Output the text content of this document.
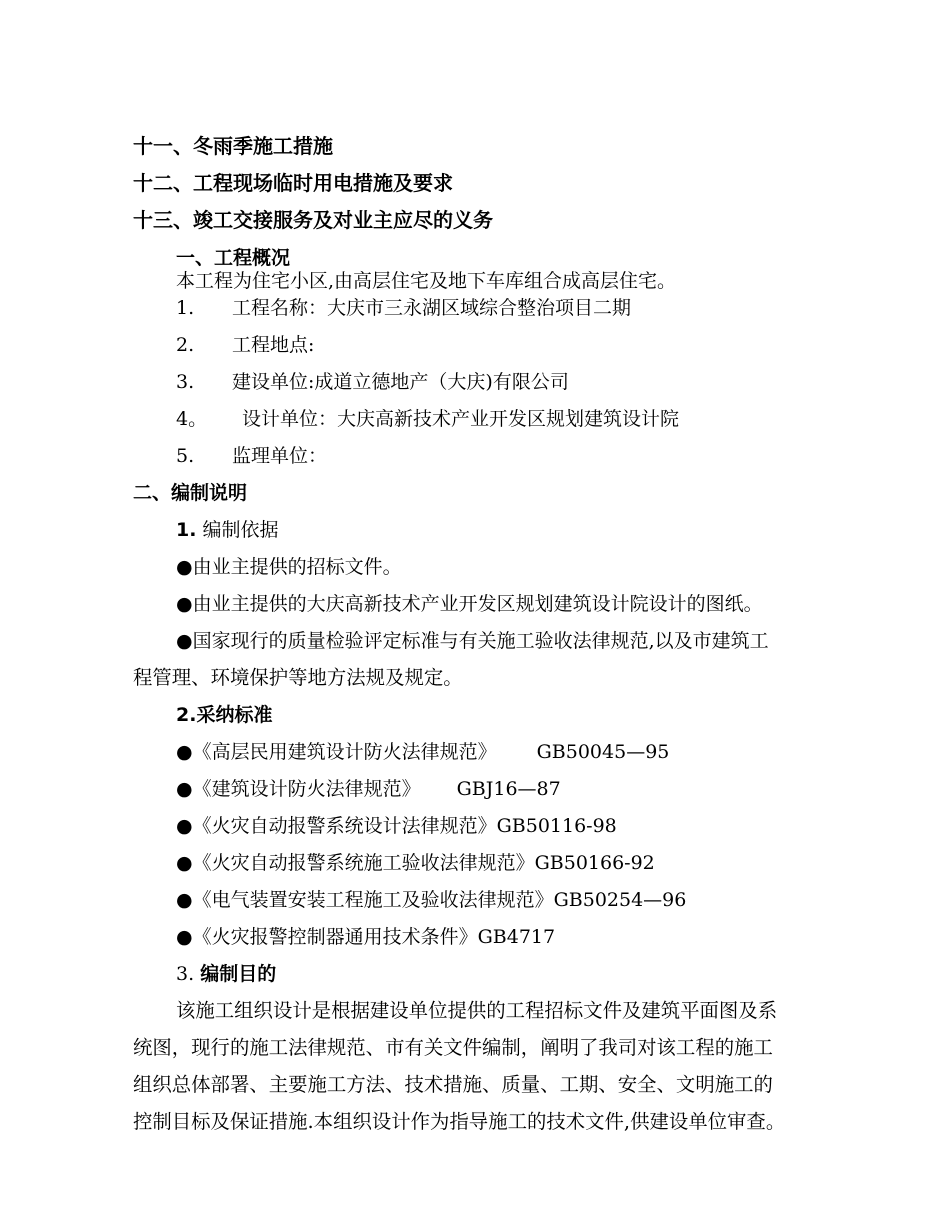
十一、冬雨季施工措施
十二、工程现场临时用电措施及要求
十三、竣工交接服务及对业主应尽的义务
一、工程概况
本工程为住宅小区,由高层住宅及地下车库组合成高层住宅。
1. 工程名称：大庆市三永湖区域综合整治项目二期
2. 工程地点:
3. 建设单位:成道立德地产（大庆)有限公司
4。 设计单位：大庆高新技术产业开发区规划建筑设计院
5. 监理单位：
二、编制说明
1. 编制依据
●由业主提供的招标文件。
●由业主提供的大庆高新技术产业开发区规划建筑设计院设计的图纸。
●国家现行的质量检验评定标准与有关施工验收法律规范,以及市建筑工
程管理、环境保护等地方法规及规定。
2.采纳标准
●《高层民用建筑设计防火法律规范》 GB50045—95
●《建筑设计防火法律规范》 GBJ16—87
●《火灾自动报警系统设计法律规范》GB50116-98
●《火灾自动报警系统施工验收法律规范》GB50166-92
●《电气装置安装工程施工及验收法律规范》GB50254—96
●《火灾报警控制器通用技术条件》GB4717
3. 编制目的
该施工组织设计是根据建设单位提供的工程招标文件及建筑平面图及系
统图，现行的施工法律规范、市有关文件编制，阐明了我司对该工程的施工
组织总体部署、主要施工方法、技术措施、质量、工期、安全、文明施工的
控制目标及保证措施.本组织设计作为指导施工的技术文件,供建设单位审查。
